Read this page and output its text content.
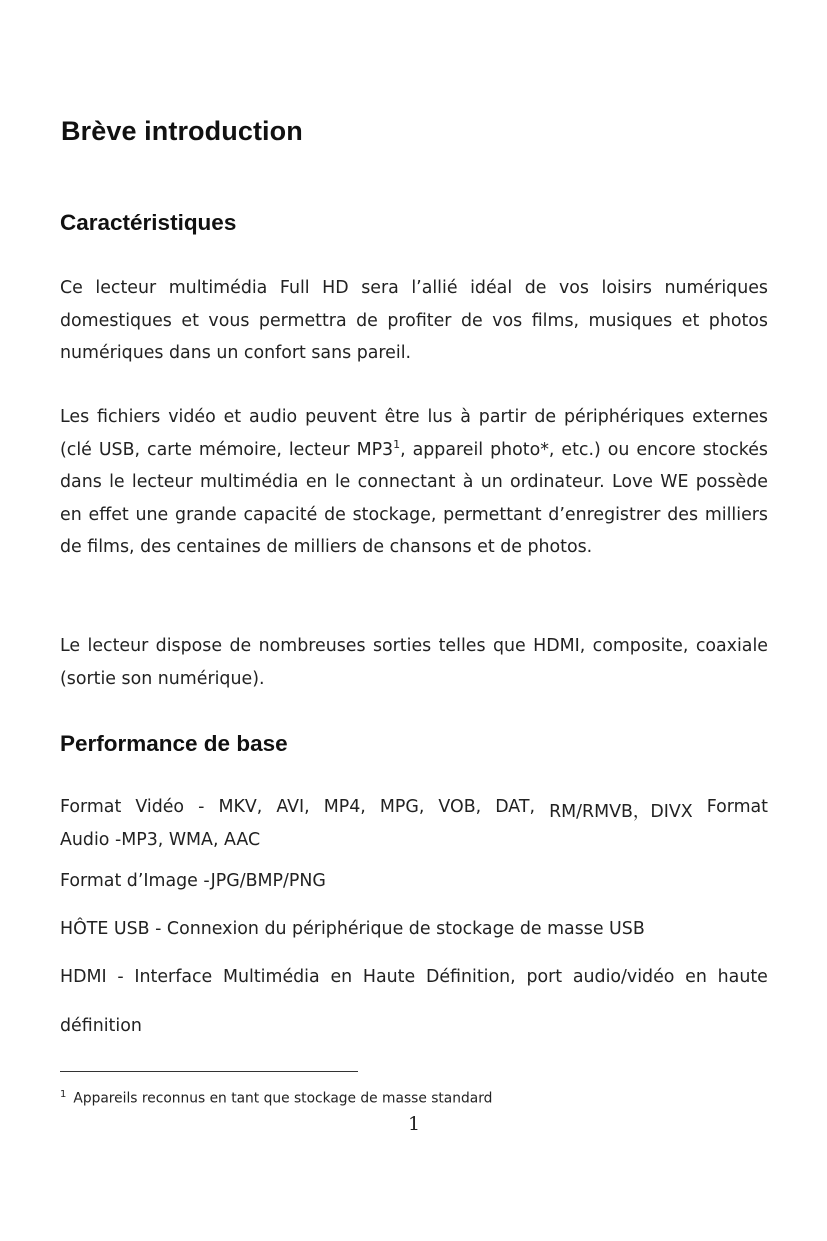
Brève introduction
Caractéristiques

Ce lecteur multimédia Full HD sera l’allié idéal de vos loisirs numériques domestiques et vous permettra de profiter de vos films, musiques et photos numériques dans un confort sans pareil.

Les fichiers vidéo et audio peuvent être lus à partir de périphériques externes (clé USB, carte mémoire, lecteur $MP3^1$, appareil photo*, etc.) ou encore stockés dans le lecteur multimédia en le connectant à un ordinateur. Love WE possède en effet une grande capacité de stockage, permettant d’enregistrer des milliers de films, des centaines de milliers de chansons et de photos.

Le lecteur dispose de nombreuses sorties telles que HDMI, composite, coaxiale (sortie son numérique).

Performance de base
Format Vidéo - MKV, AVI, MP4, MPG, VOB, DAT, RM/RMVB，DIVX Format
Audio -MP3, WMA, AAC
Format d’Image -JPG/BMP/PNG
HÔTE USB - Connexion du périphérique de stockage de masse USB
HDMI - Interface Multimédia en Haute Définition, port audio/vidéo en haute
définition
$^1$ Appareils reconnus en tant que stockage de masse standard
1
